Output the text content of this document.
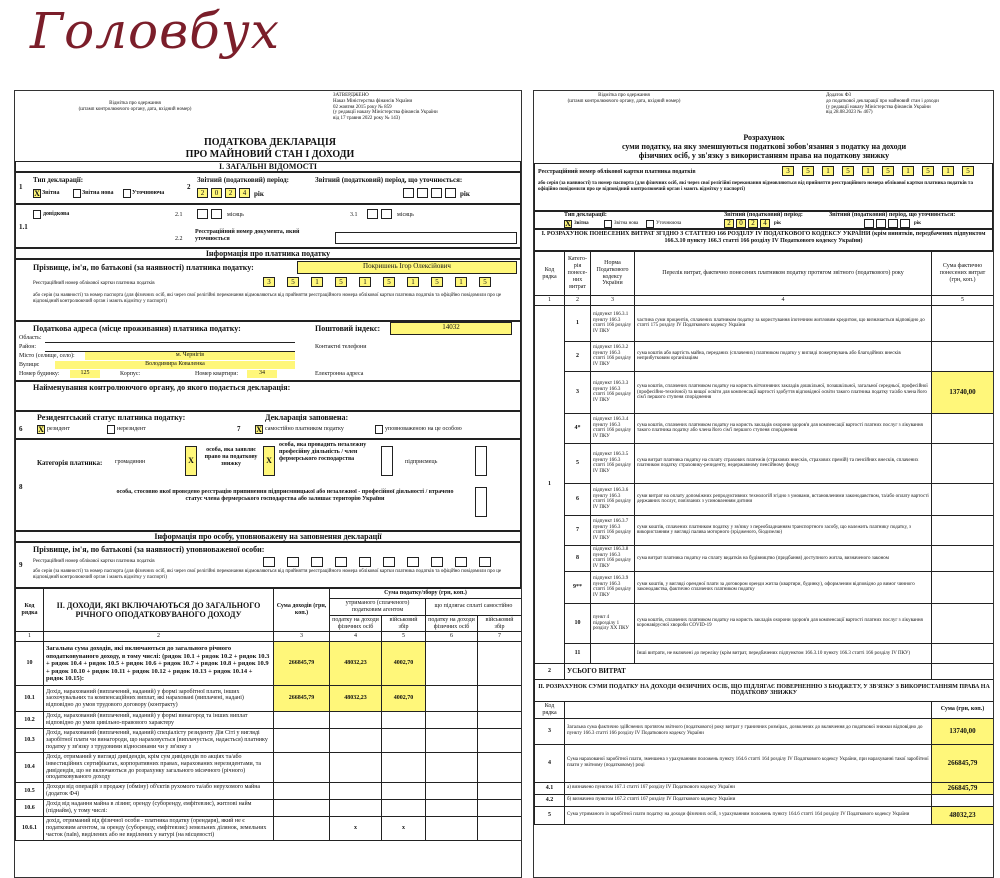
Головбух
Відмітка про одержання
(штамп контролюючого органу, дата, вхідний номер)
ЗАТВЕРДЖЕНО
Наказ Міністерства фінансів України
02 жовтня 2015 року № 859
(у редакції наказу Міністерства фінансів України
від 17 травня 2022 року № 143)
ПОДАТКОВА ДЕКЛАРАЦІЯ
ПРО МАЙНОВИЙ СТАН І ДОХОДИ
І. ЗАГАЛЬНІ ВІДОМОСТІ
1
Тип декларації:
X Звітна	Звітна нова	Уточнююча
2
Звітний (податковий) період:
2	0	2	4	рік
Звітний (податковий) період, що уточнюється:
рік
1.1
довідкова	2.1	місяць	3.1	місяць
2.2
Реєстраційний номер документа, який уточнюється
Інформація про платника податку
Прізвище, ім'я, по батькові (за наявності) платника податку:	Покришень Ігор Олексійович
Реєстраційний номер облікової картки платника податків	3	5	1	5	1	5	1	5	1	5
або серія (за наявності) та номер паспорта (для фізичних осіб, які через свої релігійні переконання відмовляються від прийняття реєстраційного номера облікової картки платника податків та офіційно повідомили про це відповідний контролюючий орган і мають відмітку у паспорті)
Податкова адреса (місце проживання) платника податку:	Поштовий індекс:	14032
Область:
Район:	Контактні телефони
Місто (селище, село):	м. Чернігів
Вулиця:	Володимира Коваленка
Номер будинку:	125	Корпус:	Номер квартири:	34	Електронна адреса
Найменування контролюючого органу, до якого подається декларація:
6
Резидентський статус платника податку:
X резидент	нерезидент	7
Декларація заповнена:
X самостійно платником податку	уповноваженою на це особою
8
Категорія платника: громадянин	X
особа, яка заявляє право на податкову знижку	X
особа, яка провадить незалежну професійну діяльність / член фермерського господарства
підприємець
особа, стосовно якої проведено реєстрацію припинення підприємницької або незалежної - професійної діяльності / втрачено статус члена фермерського господарства або залишає територію України
Інформація про особу, уповноважену на заповнення декларації
9
Прізвище, ім'я, по батькові (за наявності) уповноваженої особи:
Реєстраційний номер облікової картки платника податків
або серія (за наявності) та номер паспорта (для фізичних осіб, які через свої релігійні переконання відмовляються від прийняття реєстраційного номера облікової картки платника податків та офіційно повідомили про це відповідний контролюючий орган і мають відмітку у паспорті)
Код рядка	ІІ. ДОХОДИ, ЯКІ ВКЛЮЧАЮТЬСЯ ДО ЗАГАЛЬНОГО РІЧНОГО ОПОДАТКОВУВАНОГО ДОХОДУ	Сума доходів (грн, коп.)	Сума податку/збору (грн, коп.)			
			утриманого (сплаченого) податковим агентом		що підлягає сплаті самостійно	
			податку на доходи фізичних осіб	військовий збір	податку на доходи фізичних осіб	військовий збір
1	2	3	4	5	6	7
10	Загальна сума доходів, які включаються до загального річного оподатковуваного доходу, в тому числі: (рядок 10.1 + рядок 10.2 + рядок 10.3 + рядок 10.4 + рядок 10.5 + рядок 10.6 + рядок 10.7 + рядок 10.8 + рядок 10.9 + рядок 10.10 + рядок 10.11 + рядок 10.12 + рядок 10.13 + рядок 10.14 + рядок 10.15):	266845,79	48032,23	4002,70		
10.1	Дохід, нарахований (виплачений, наданий) у формі заробітної плати, інших заохочувальних та компенсаційних виплат, які нараховані (виплачені, надані) відповідно до умов трудового договору (контракту)	266845,79	48032,23	4002,70		
10.2	Дохід, нарахований (виплачений, наданий) у формі винагород та інших виплат відповідно до умов цивільно-правового характеру					
10.3	Дохід, нарахований (виплачений, наданий) спеціалісту резиденту Дія Сіті у вигляді заробітної плати чи винагороди, що нараховується (виплачується, надається) платнику податку у зв'язку з трудовими відносинами чи у зв'язку з					
10.4	Дохід, отриманий у вигляді дивідендів, крім сум дивідендів по акціях та/або інвестиційних сертифікатах, корпоративних правах, нарахованих нерезидентами, та дивідендів, що не включаються до розрахунку загального місячного (річного) оподатковуваного доходу					
10.5	Доходи від операцій з продажу (обміну) об'єктів рухомого та/або нерухомого майна (додаток Ф4)					
10.6	Дохід від надання майна в лізинг, оренду (суборенду, емфітевзис), житлові найм (піднайм), у тому числі:					
10.6.1	дохід, отриманий від фізичної особи - платника податку (орендаря), який не є податковим агентом, за оренду (суборенду, емфітевзис) земельних ділянок, земельних часток (паїв), виділених або не виділених у натурі (на місцевості)		x	x		
Відмітка про одержання
(штамп контролюючого органу, дата, вхідний номер)
Додаток Ф3
до податкової декларації про майновий стан і доходи
(у редакції наказу Міністерства фінансів України
від 28.08.2023 № 467)
Розрахунок
суми податку, на яку зменшуються податкові зобов'язання з податку на доходи фізичних осіб, у зв'язку з використанням права на податкову знижку
Реєстраційний номер облікової картки платника податків	3	5	1	5	1	5	1	5	1	5
або серія (за наявності) та номер паспорта (для фізичних осіб, які через свої релігійні переконання відмовляються від прийняття реєстраційного номера облікової картки платника податків та офіційно повідомили про це відповідний контролюючий орган і мають відмітку у паспорті)
Тип декларації:
X Звітна	Звітна нова	Уточнююча
Звітний (податковий) період:
2	0	2	4	рік
Звітний (податковий) період, що уточнюється:
рік
І. РОЗРАХУНОК ПОНЕСЕНИХ ВИТРАТ ЗГІДНО З СТАТТЕЮ 166 РОЗДІЛУ IV ПОДАТКОВОГО КОДЕКСУ УКРАЇНИ (крім винятків, передбачених підпунктом 166.3.10 пункту 166.3 статті 166 розділу IV Податкового кодексу України)
Код рядка	Катего-рія понесе-них витрат	Норма Податкового кодексу України	Перелік витрат, фактично понесених платником податку протягом звітного (податкового) року	Сума фактично понесених витрат (грн, коп.)
1	2	3	4	5
1	1	підпункт 166.3.1 пункту 166.3 статті 166 розділу IV ПКУ	частина суми процентів, сплачених платником податку за користування іпотечним житловим кредитом, що визначається відповідно до статті 175 розділу IV Податкового кодексу України	
	2	підпункт 166.3.2 пункту 166.3 статті 166 розділу IV ПКУ	сума коштів або вартість майна, переданих (сплачених) платником податку у вигляді пожертвувань або благодійних внесків неприбутковим організаціям	
	3	підпункт 166.3.3 пункту 166.3 статті 166 розділу IV ПКУ	сума коштів, сплачених платником податку на користь вітчизняних закладів дошкільної, позашкільної, загальної середньої, професійної (професійно-технічної) та вищої освіти для компенсації вартості здобуття відповідної освіти такого платника податку та/або члена його сім'ї першого ступеня споріднення	13740,00
	4*	підпункт 166.3.4 пункту 166.3 статті 166 розділу IV ПКУ	сума коштів, сплачених платником податку на користь закладів охорони здоров'я для компенсації вартості платних послуг з лікування такого платника податку або члена його сім'ї першого ступеня споріднення	
	5	підпункт 166.3.5 пункту 166.3 статті 166 розділу IV ПКУ	сума витрат платника податку на сплату страхових платежів (страхових внесків, страхових премій) та пенсійних внесків, сплачених платником податку страховику-резиденту, недержавному пенсійному фонду	
	6	підпункт 166.3.6 пункту 166.3 статті 166 розділу IV ПКУ	суми витрат на оплату допоміжних репродуктивних технологій згідно з умовами, встановленими законодавством, та/або оплату вартості державних послуг, пов'язаних з усиновленням дитини	
	7	підпункт 166.3.7 пункту 166.3 статті 166 розділу IV ПКУ	суми коштів, сплачених платником податку у зв'язку з переобладнанням транспортного засобу, що належить платнику податку, з використанням у вигляді палива моторного (зрідженого, біодизелю)	
	8	підпункт 166.3.8 пункту 166.3 статті 166 розділу IV ПКУ	сума витрат платника податку на сплату видатків на будівництво (придбання) доступного житла, визначеного законом	
	9**	підпункт 166.3.9 пункту 166.3 статті 166 розділу IV ПКУ	суми коштів, у вигляді орендної плати за договором оренди житла (квартири, будинку), оформленим відповідно до вимог чинного законодавства, фактично сплачених платником податку	
	10	пункт 4 підрозділу 1 розділу XX ПКУ	сума коштів, сплачених платником податку на користь закладів охорони здоров'я для компенсації вартості платних послуг з лікування коронавірусної хвороби COVID-19	
	11		Інші витрати, не включені до переліку (крім витрат, передбачених підпунктом 166.3.10 пункту 166.3 статті 166 розділу IV ПКУ)	
2	УСЬОГО ВИТРАТ			
ІІ. РОЗРАХУНОК СУМИ ПОДАТКУ НА ДОХОДИ ФІЗИЧНИХ ОСІБ, ЩО ПІДЛЯГАЄ ПОВЕРНЕННЮ З БЮДЖЕТУ, У ЗВ'ЯЗКУ З ВИКОРИСТАННЯМ ПРАВА НА ПОДАТКОВУ ЗНИЖКУ				
Код рядка				Сума (грн, коп.)
3	Загальна сума фактично здійснених протягом звітного (податкового) року витрат у граничних розмірах, дозволених до включення до податкової знижки відповідно до пункту 166.3 статті 166 розділу IV Податкового кодексу України			13740,00
4	Сума нарахованої заробітної плати, зменшена з урахуванням положень пункту 164.6 статті 164 розділу IV Податкового кодексу України, при нарахуванні такої заробітної плати у звітному (податковому) році			266845,79
4.1	а) визначено пунктом 167.1 статті 167 розділу IV Податкового кодексу України			266845,79
4.2	б) визначено пунктом 167.2 статті 167 розділу IV Податкового кодексу України			
5	Сума утриманого із заробітної плати податку на доходи фізичних осіб, з урахуванням положень пункту 164.6 статті 164 розділу IV Податкового кодексу України			48032,23
